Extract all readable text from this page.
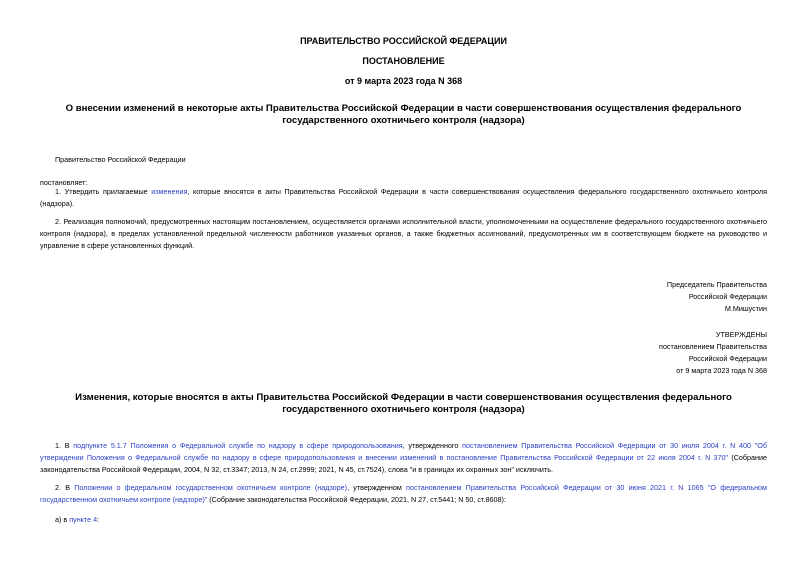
ПРАВИТЕЛЬСТВО РОССИЙСКОЙ ФЕДЕРАЦИИ
ПОСТАНОВЛЕНИЕ
от 9 марта 2023 года N 368
О внесении изменений в некоторые акты Правительства Российской Федерации в части совершенствования осуществления федерального государственного охотничьего контроля (надзора)
Правительство Российской Федерации
постановляет:
1. Утвердить прилагаемые изменения, которые вносятся в акты Правительства Российской Федерации в части совершенствования осуществления федерального государственного охотничьего контроля (надзора).
2. Реализация полномочий, предусмотренных настоящим постановлением, осуществляется органами исполнительной власти, уполномоченными на осуществление федерального государственного охотничьего контроля (надзора), в пределах установленной предельной численности работников указанных органов, а также бюджетных ассигнований, предусмотренных им в соответствующем бюджете на руководство и управление в сфере установленных функций.
Председатель Правительства
Российской Федерации
М.Мишустин
УТВЕРЖДЕНЫ
постановлением Правительства
Российской Федерации
от 9 марта 2023 года N 368
Изменения, которые вносятся в акты Правительства Российской Федерации в части совершенствования осуществления федерального государственного охотничьего контроля (надзора)
1. В подпункте 5.1.7 Положения о Федеральной службе по надзору в сфере природопользования, утвержденного постановлением Правительства Российской Федерации от 30 июля 2004 г. N 400 "Об утверждении Положения о Федеральной службе по надзору в сфере природопользования и внесении изменений в постановление Правительства Российской Федерации от 22 июля 2004 г. N 370" (Собрание законодательства Российской Федерации, 2004, N 32, ст.3347; 2013, N 24, ст.2999; 2021, N 45, ст.7524), слова "и в границах их охранных зон" исключить.
2. В Положении о федеральном государственном охотничьем контроле (надзоре), утвержденном постановлением Правительства Российской Федерации от 30 июня 2021 г. N 1065 "О федеральном государственном охотничьем контроле (надзоре)" (Собрание законодательства Российской Федерации, 2021, N 27, ст.5441; N 50, ст.8608):
а) в пункте 4:
